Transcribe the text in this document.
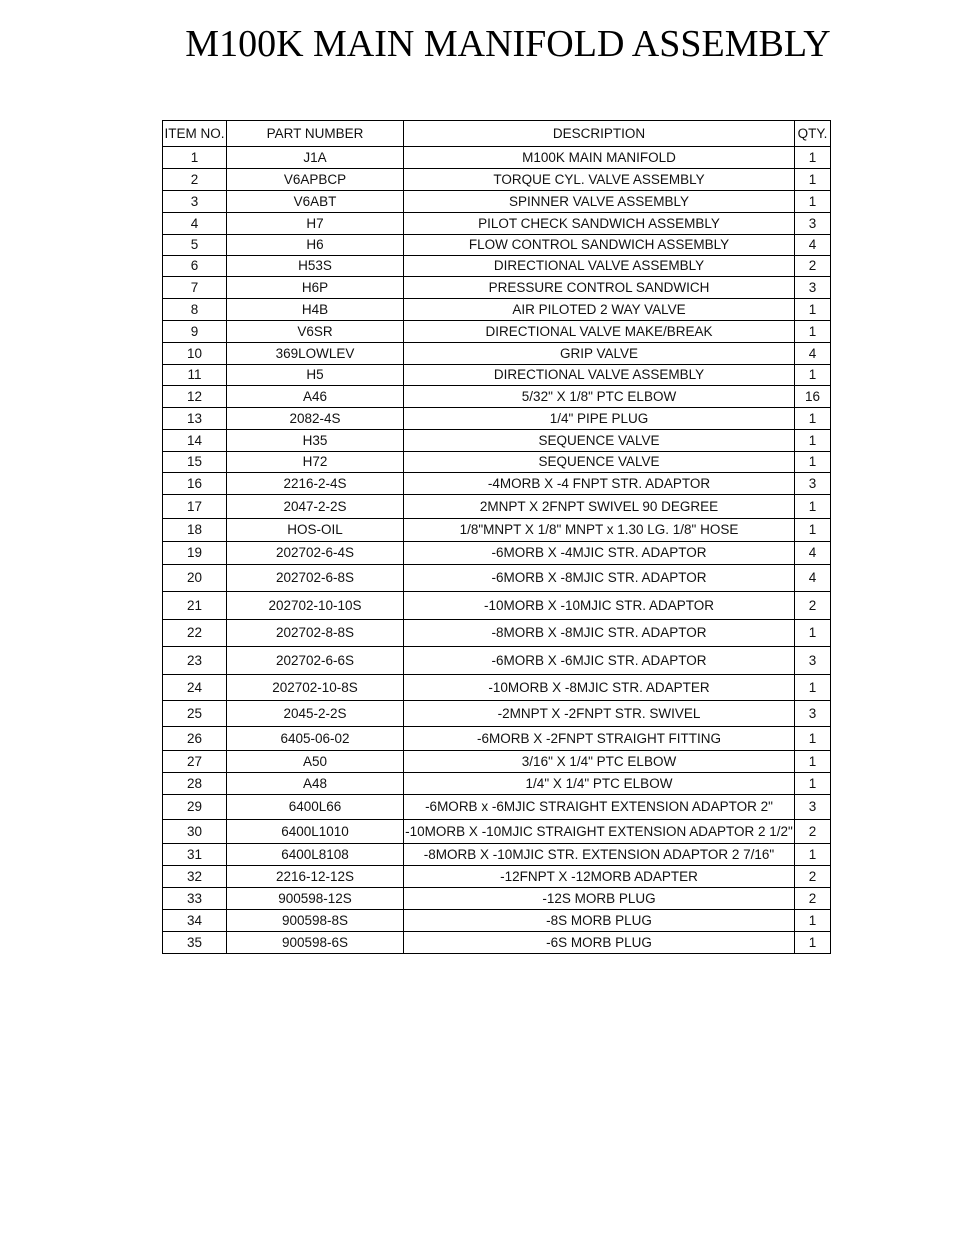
M100K MAIN MANIFOLD ASSEMBLY
ITEM NO.	PART NUMBER	DESCRIPTION	QTY.
1	J1A	M100K MAIN MANIFOLD	1
2	V6APBCP	TORQUE CYL. VALVE ASSEMBLY	1
3	V6ABT	SPINNER VALVE ASSEMBLY	1
4	H7	PILOT CHECK SANDWICH ASSEMBLY	3
5	H6	FLOW CONTROL SANDWICH ASSEMBLY	4
6	H53S	DIRECTIONAL VALVE ASSEMBLY	2
7	H6P	PRESSURE CONTROL SANDWICH	3
8	H4B	AIR PILOTED 2 WAY VALVE	1
9	V6SR	DIRECTIONAL VALVE MAKE/BREAK	1
10	369LOWLEV	GRIP VALVE	4
11	H5	DIRECTIONAL VALVE ASSEMBLY	1
12	A46	5/32" X 1/8" PTC ELBOW	16
13	2082-4S	1/4" PIPE PLUG	1
14	H35	SEQUENCE VALVE	1
15	H72	SEQUENCE VALVE	1
16	2216-2-4S	-4MORB X -4 FNPT STR. ADAPTOR	3
17	2047-2-2S	2MNPT X 2FNPT SWIVEL 90 DEGREE	1
18	HOS-OIL	1/8"MNPT X 1/8" MNPT x 1.30 LG. 1/8" HOSE	1
19	202702-6-4S	-6MORB X -4MJIC STR. ADAPTOR	4
20	202702-6-8S	-6MORB X -8MJIC STR. ADAPTOR	4
21	202702-10-10S	-10MORB X -10MJIC STR. ADAPTOR	2
22	202702-8-8S	-8MORB X -8MJIC STR. ADAPTOR	1
23	202702-6-6S	-6MORB X -6MJIC STR. ADAPTOR	3
24	202702-10-8S	-10MORB X -8MJIC STR. ADAPTER	1
25	2045-2-2S	-2MNPT X -2FNPT STR. SWIVEL	3
26	6405-06-02	-6MORB X -2FNPT STRAIGHT FITTING	1
27	A50	3/16" X 1/4" PTC ELBOW	1
28	A48	1/4" X 1/4" PTC ELBOW	1
29	6400L66	-6MORB x -6MJIC STRAIGHT EXTENSION ADAPTOR 2"	3
30	6400L1010	-10MORB X -10MJIC STRAIGHT EXTENSION ADAPTOR 2 1/2"	2
31	6400L8108	-8MORB X -10MJIC STR. EXTENSION ADAPTOR 2 7/16"	1
32	2216-12-12S	-12FNPT X -12MORB ADAPTER	2
33	900598-12S	-12S MORB PLUG	2
34	900598-8S	-8S MORB PLUG	1
35	900598-6S	-6S MORB PLUG	1
